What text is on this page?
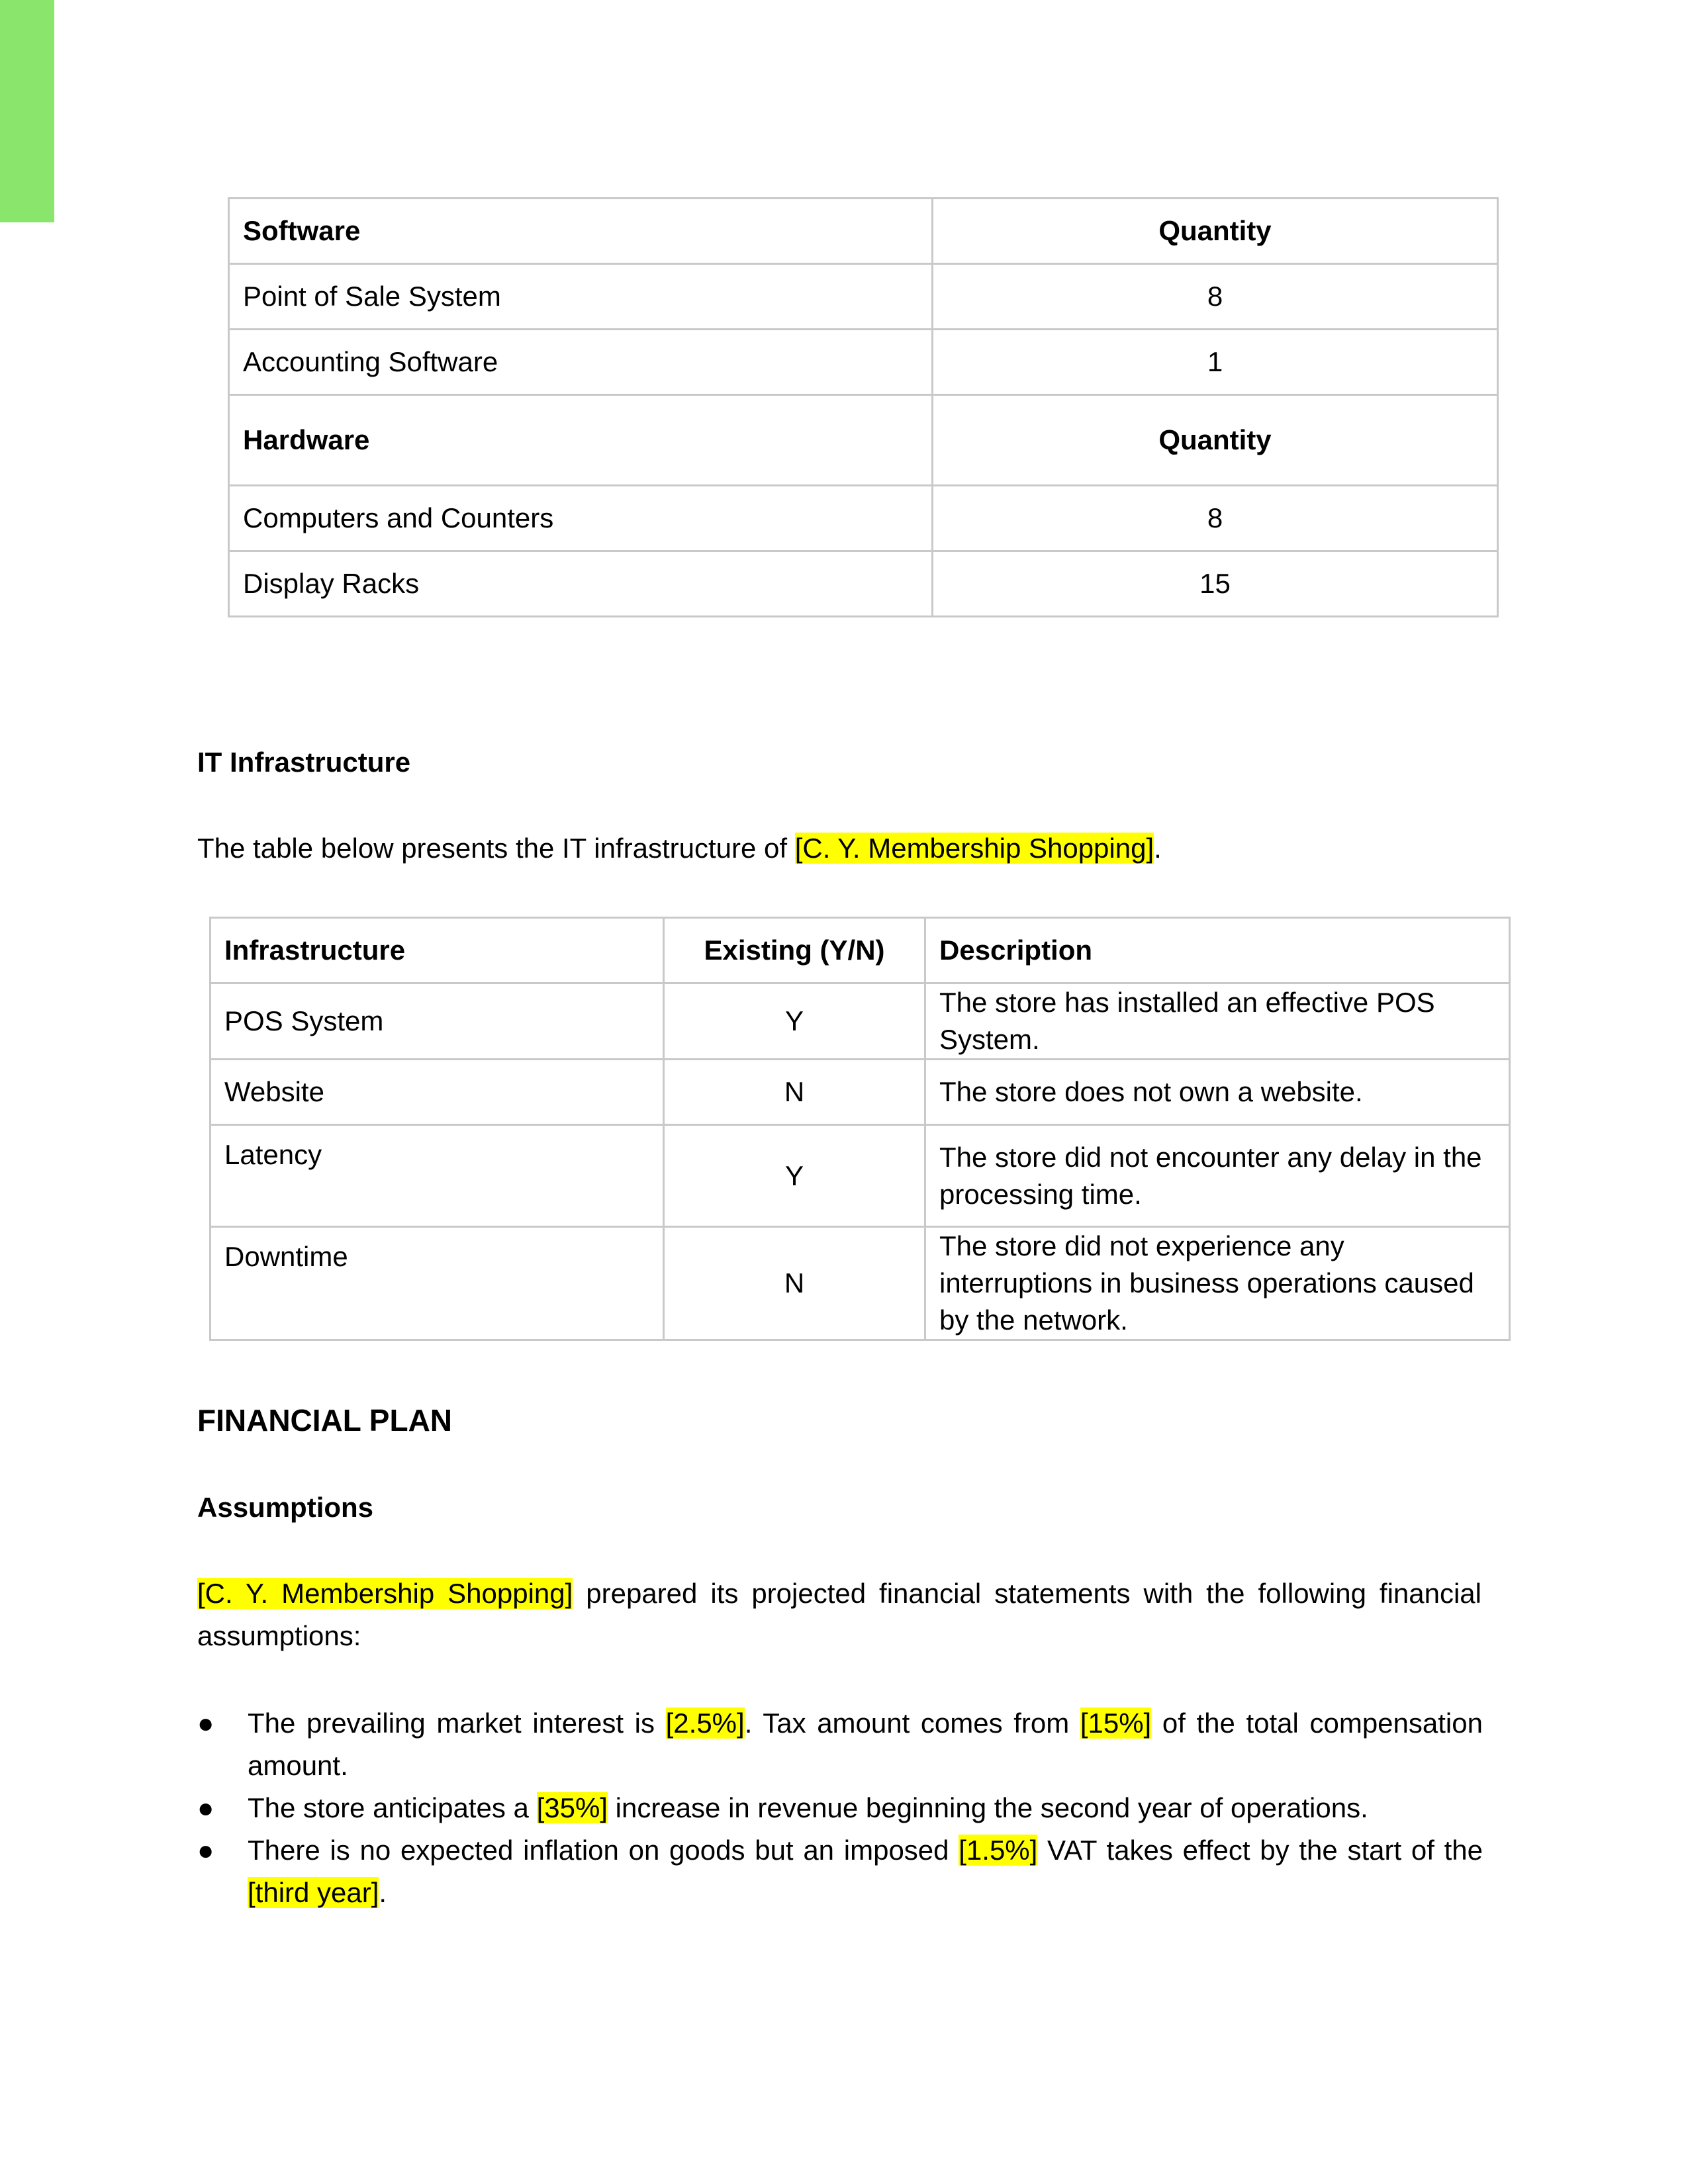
Software	Quantity
Point of Sale System	8
Accounting Software	1
Hardware	Quantity
Computers and Counters	8
Display Racks	15
IT Infrastructure
The table below presents the IT infrastructure of [C. Y. Membership Shopping].
Infrastructure	Existing (Y/N)	Description
POS System	Y	The store has installed an effective POS System.
Website	N	The store does not own a website.
Latency	Y	The store did not encounter any delay in the processing time.
Downtime	N	The store did not experience any interruptions in business operations caused by the network.
FINANCIAL PLAN
Assumptions
[C. Y. Membership Shopping] prepared its projected financial statements with the following financial assumptions:
● The prevailing market interest is [2.5%]. Tax amount comes from [15%] of the total compensation amount.
● The store anticipates a [35%] increase in revenue beginning the second year of operations.
● There is no expected inflation on goods but an imposed [1.5%] VAT takes effect by the start of the [third year].
